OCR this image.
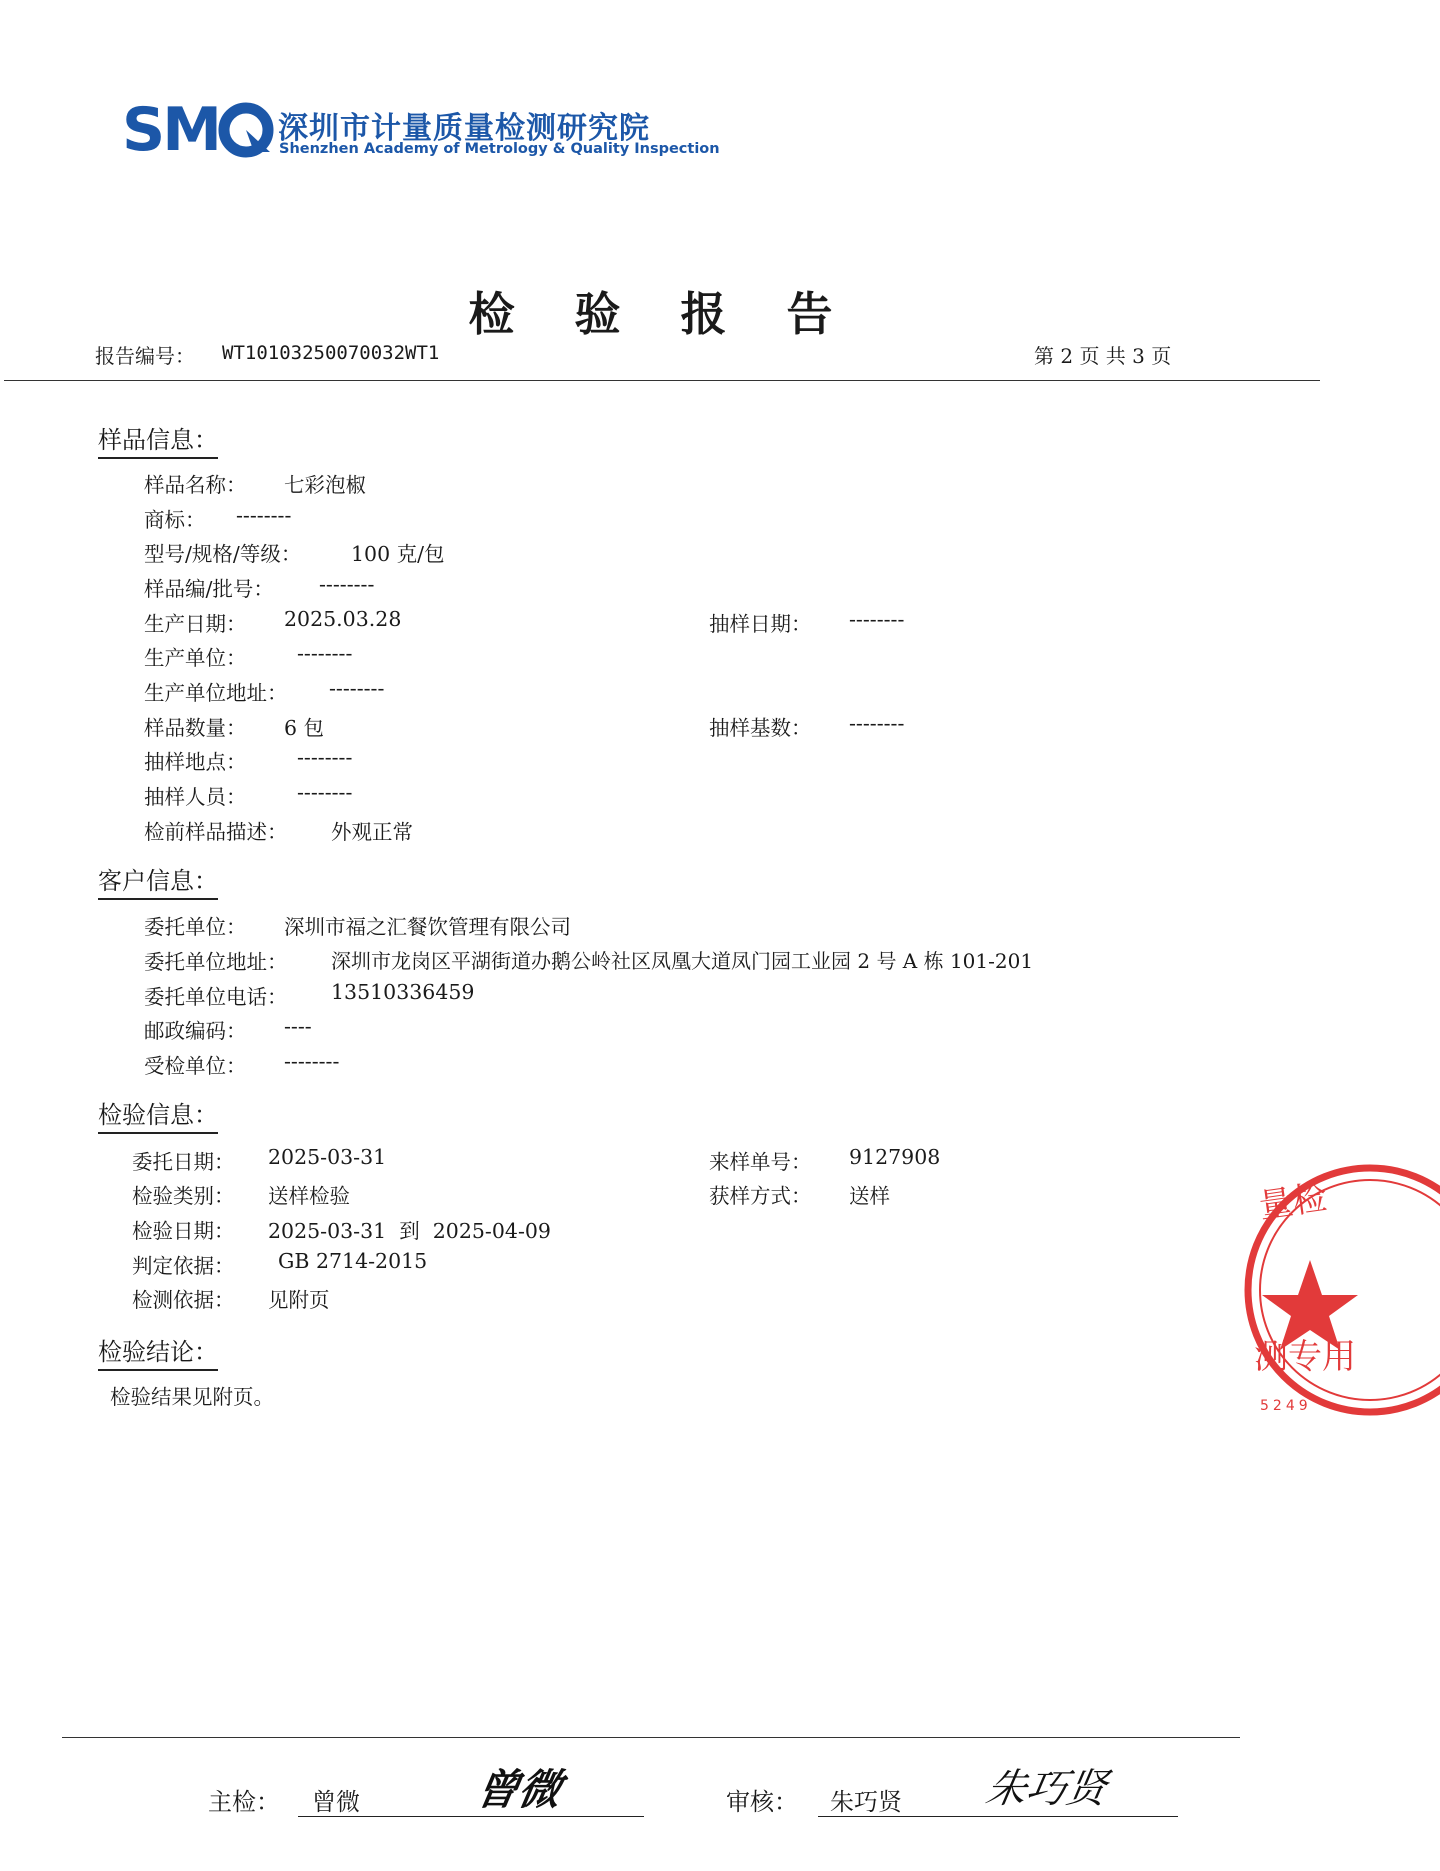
SM 深圳市计量质量检测研究院
Shenzhen Academy of Metrology & Quality Inspection
检 验 报 告
报告编号： WT10103250070032WT1	第 2 页 共 3 页
样品信息：
样品名称： 七彩泡椒
商标： --------
型号/规格/等级： 100 克/包
样品编/批号： --------
生产日期： 2025.03.28	抽样日期： --------
生产单位： --------
生产单位地址： --------
样品数量： 6 包	抽样基数： --------
抽样地点： --------
抽样人员： --------
检前样品描述： 外观正常
客户信息：
委托单位： 深圳市福之汇餐饮管理有限公司
委托单位地址： 深圳市龙岗区平湖街道办鹅公岭社区凤凰大道凤门园工业园 2 号 A 栋 101-201
委托单位电话： 13510336459
邮政编码： ----
受检单位： --------
检验信息：
委托日期： 2025-03-31	来样单号： 9127908
检验类别： 送样检验	获样方式： 送样
检验日期： 2025-03-31  到  2025-04-09
判定依据： GB 2714-2015
检测依据： 见附页
检验结论：
检验结果见附页。
量检
测专用
5249
主检： 曾微	曾微	审核： 朱巧贤 朱巧贤
